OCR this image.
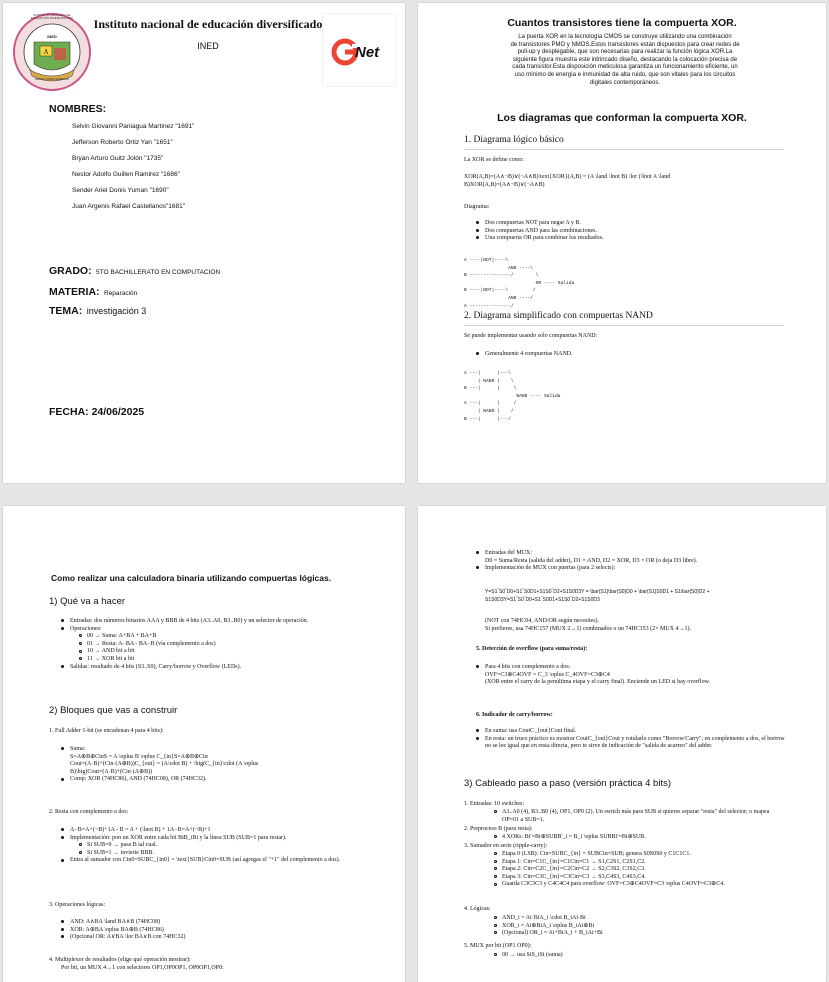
A
INSTITUTO NACIONAL DE EDUCACIÓN DIVERSIFICADO
INED
SANTA CRUZ NARANJO
Instituto nacional de educación diversificado
INED	Net
NOMBRES:
Selvin Giovanni Paniagua Martínez "1691"
Jefferson Roberto Ortiz Yan "1651"
Bryan Arturo Guitz Jolón "1735"
Nestor Adolfo Guillen Ramirez "1686"
Sender Ariel Donis Yuman "1690"
Juan Argenis Rafael Castellanos"1681"
GRADO: 5TO BACHILLERATO EN COMPUTACION
MATERIA: Reparación
TEMA: investigación 3
FECHA: 24/06/2025
Cuantos transistores tiene la compuerta XOR.
La puerta XOR en la tecnología CMOS se construye utilizando una combinación
de transistores PMO y NMOS.Estos transistores están dispuestos para crear redes de
pull-up y desplegable, que son necesarias para realizar la función lógica XOR.La
siguiente figura muestra este intrincado diseño, destacando la colocación precisa de
cada transistor.Esta disposición meticulosa garantiza un funcionamiento eficiente, un
uso mínimo de energía e inmunidad de alta ruido, que son vitales para los circuitos
digitales contemporáneos.
Los diagramas que conforman la compuerta XOR.
1. Diagrama lógico básico
La XOR se define como:
XOR(A,B)=(A∧¬B)∨(¬A∧B)\text{XOR}(A,B) = (A \land \lnot B) \lor (\lnot A \land
B)XOR(A,B)=(A∧¬B)∨(¬A∧B)
Diagrama:
Dos compuertas NOT para negar A y B.
Dos compuertas AND para las combinaciones.
Una compuerta OR para combinar los resultados.
A ----|NOT|----\
AND ----\
B ---------------/        \
OR ---- Salida
B ----|NOT|----\         /
AND ----/
A ---------------/
2. Diagrama simplificado con compuertas NAND
Se puede implementar usando solo compuertas NAND:
Generalmente 4 compuertas NAND.
A ---|      |---\
| NAND |    \
B ---|      |     \
NAND ---- Salida
A ---|      |     /
| NAND |    /
B ---|      |---/
Como realizar una calculadora binaria utilizando compuertas lógicas.
1) Qué va a hacer
Entradas: dos números binarios AAA y BBB de 4 bits (A3..A0, B3..B0) y un selector de operación.
Operaciones:
00 → Suma: A+BA + BA+B
01 → Resta: A−BA - BA−B (vía complemento a dos)
10 → AND bit a bit
11 → XOR bit a bit
Salidas: resultado de 4 bits (S3..S0), Carry/borrow y Overflow (LEDs).
2) Bloques que vas a construir
1. Full Adder 1-bit (se encadenan 4 para 4 bits):
Suma:
S=A⊕B⊕CinS = A \oplus B \oplus C_{in}S=A⊕B⊕Cin
Cout=(A·B)+(Cin·(A⊕B))C_{out} = (A\cdot B) + \big(C_{in}\cdot (A \oplus
B)\big)Cout=(A·B)+(Cin·(A⊕B))
Comp: XOR (74HC86), AND (74HC08), OR (74HC32).
2. Resta con complemento a dos:
A−B=A+(¬B)+1A - B = A + (\lnot B) + 1A−B=A+(¬B)+1
Implementación: pon un XOR entre cada bit BiB_iBi y la línea SUB (SUB=1 para restar).
Si SUB=0 → pasa B tal cual.
Si SUB=1 → invierte BBB.
Entra al sumador con Cin0=SUBC_{in0} = \text{SUB}Cin0=SUB (así agregas el "+1" del complemento a dos).
3. Operaciones lógicas:
AND: A∧BA \land BA∧B (74HC08)
XOR: A⊕BA \oplus BA⊕B (74HC86)
(Opcional OR: A∨BA \lor BA∨B con 74HC32)
4. Multiplexor de resultados (elige qué operación mostrar):
Por bit, un MUX 4→1 con selectores OP1,OP0OP1, OP0OP1,OP0:
Entradas del MUX:
D0 = Suma/Resta (salida del adder), D1 = AND, D2 = XOR, D3 = OR (o deja D3 libre).
Implementación de MUX con puertas (para 2 selects):
Y=S1‾S0‾D0+S1‾S0D1+S1S0‾D2+S1S0D3Y = \bar{S1}\bar{S0}D0 + \bar{S1}S0D1 + S1\bar{S0}D2 + S1S0D3Y=S1‾S0‾D0+S1‾S0D1+S1S0‾D2+S1S0D3
(NOT con 74HC04, AND/OR según necesites).
Si prefieres, usa 74HC157 (MUX 2→1) combinados o un 74HC153 (2× MUX 4→1).
5. Detección de overflow (para suma/resta):
Para 4 bits con complemento a dos:
OVF=C3⊕C4OVF = C_3 \oplus C_4OVF=C3⊕C4
(XOR entre el carry de la penúltima etapa y el carry final). Enciende un LED si hay overflow.
6. Indicador de carry/borrow:
En suma: usa CoutC_{out}Cout final.
En resta: un truco práctico es mostrar CoutC_{out}Cout y rotularlo como "Borrow/Carry"; en complemento a dos, el borrow no se lee igual que en resta directa, pero te sirve de indicación de "salida de acarreo" del adder.
3) Cableado paso a paso (versión práctica 4 bits)
1. Entradas: 10 switches:
A3..A0 (4), B3..B0 (4), OP1, OP0 (2). Un switch más para SUB si quieres separar "resta" del selector; o mapea OP=01 a SUB=1.
2. Preproceso B (para resta):
4 XORs: Bi′=Bi⊕SUBB'_i = B_i \oplus SUBBi′=Bi⊕SUB.
3. Sumador en serie (ripple-carry):
Etapa 0 (LSB): Cin=SUBC_{in} = SUBCin=SUB; genera S0S0S0 y C1C1C1.
Etapa 1: Cin=C1C_{in}=C1Cin=C1 → S1,C2S1, C2S1,C2.
Etapa 2: Cin=C2C_{in}=C2Cin=C2 → S2,C3S2, C3S2,C3.
Etapa 3: Cin=C3C_{in}=C3Cin=C3 → S3,C4S3, C4S3,C4.
Guarda C3C3C3 y C4C4C4 para overflow: OVF=C3⊕C4OVF=C3 \oplus C4OVF=C3⊕C4.
4. Lógicas:
AND_i = Ai·BiA_i \cdot B_iAi·Bi
XOR_i = Ai⊕BiA_i \oplus B_iAi⊕Bi
(Opcional) OR_i = Ai+BiA_i + B_iAi+Bi
5. MUX por bit (OP1 OP0):
00 → usa SiS_iSi (suma)
